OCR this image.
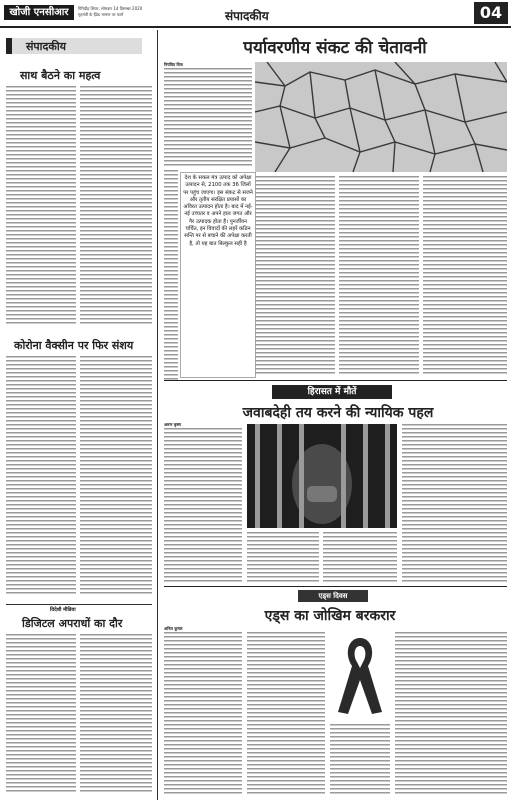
खोजी एनसीआर	गिरिडीह शिफ्ट, सोमवार 14 दिसम्बर 2020
गृहमंत्री के हैंडेड भाषण पर फार्म	संपादकीय	04
संपादकीय
साथ बैठने का महत्व
कोरोना वैक्सीन पर फिर संशय
विदेशी मीडिया
डिजिटल अपराधों का दौर
पर्यावरणीय संकट की चेतावनी
नियंत्रित विज
देश के सकल मंत्र उत्पाद को अपेक्षा उत्पादन से, 2100 तक 36 जिलों पर पहुंच जाएगा। इस संकट से सजने और तृतीय संरक्षित प्रयासों का अविरत उत्पादन होता है। बाद में नई-नई उच्चतर व अपने हाल जगत और गैर उत्पादक होता है। पुनर्जीवन चर्चित, इन विवादों की लहरें कठिन सन्ति पर से बचाने की अपेक्षा करती है, तो यह बात बिल्कुल सही है
हिरासत में मौतें
जवाबदेही तय करने की न्यायिक पहल
अरुण कृष्ण
एड्स दिवस
एड्स का जोखिम बरकरार
अनिल कुमार
